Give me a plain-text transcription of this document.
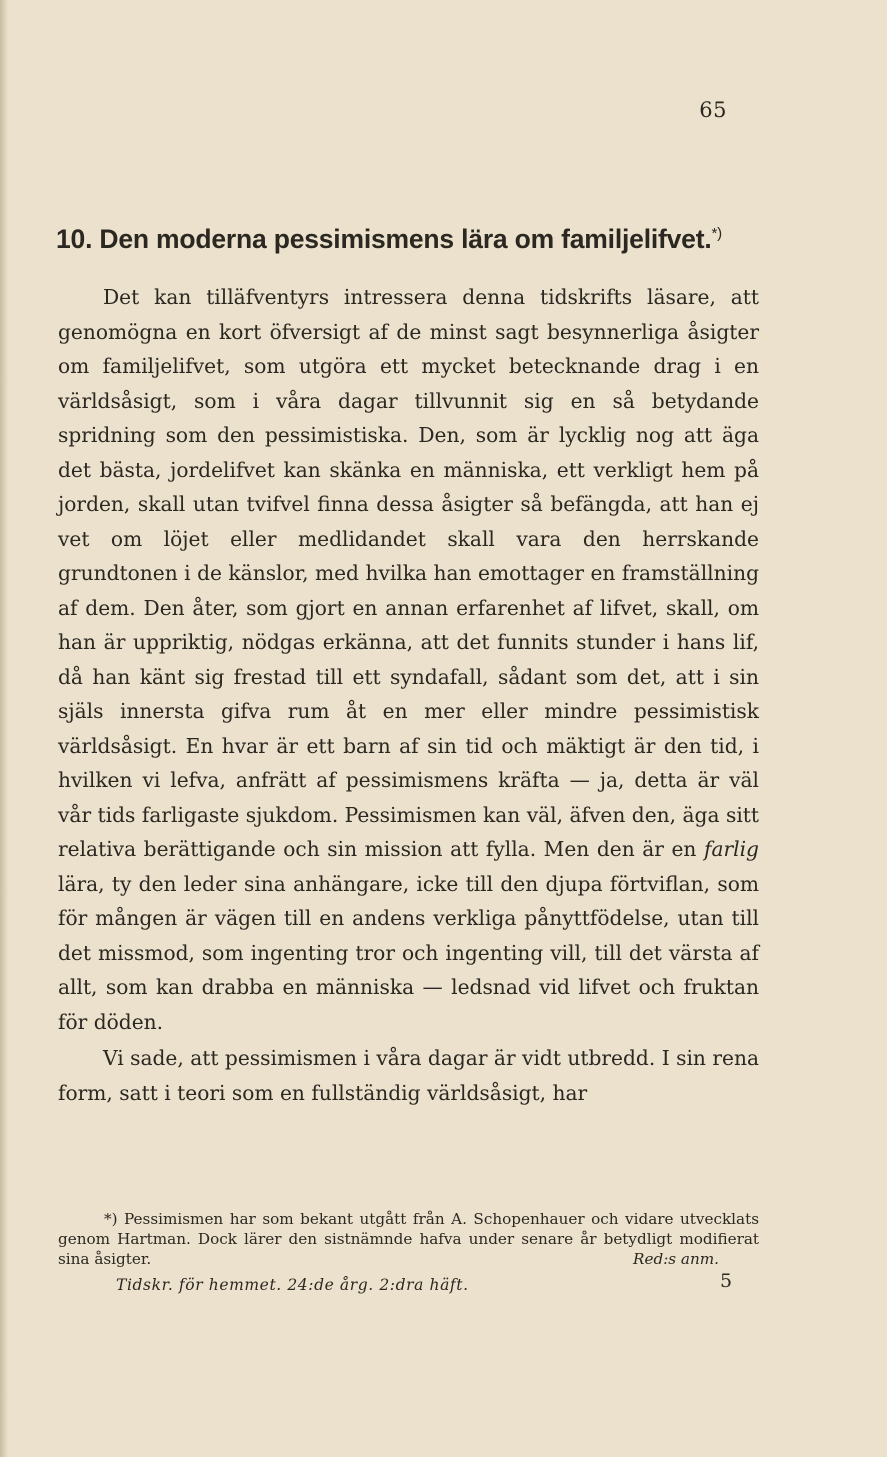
65
10. Den moderna pessimismens lära om familjelifvet.*)

Det kan tilläfventyrs intressera denna tidskrifts läsare, att genomögna en kort öfversigt af de minst sagt besynnerliga åsigter om familjelifvet, som utgöra ett mycket betecknande drag i en världsåsigt, som i våra dagar tillvunnit sig en så betydande spridning som den pessimistiska. Den, som är lycklig nog att äga det bästa, jordelifvet kan skänka en människa, ett verkligt hem på jorden, skall utan tvifvel finna dessa åsigter så befängda, att han ej vet om löjet eller medlidandet skall vara den herrskande grundtonen i de känslor, med hvilka han emottager en framställning af dem. Den åter, som gjort en annan erfarenhet af lifvet, skall, om han är uppriktig, nödgas erkänna, att det funnits stunder i hans lif, då han känt sig frestad till ett syndafall, sådant som det, att i sin själs innersta gifva rum åt en mer eller mindre pessimistisk världsåsigt. En hvar är ett barn af sin tid och mäktigt är den tid, i hvilken vi lefva, anfrätt af pessimismens kräfta — ja, detta är väl vår tids farligaste sjukdom. Pessimismen kan väl, äfven den, äga sitt relativa berättigande och sin mission att fylla. Men den är en farlig lära, ty den leder sina anhängare, icke till den djupa förtviflan, som för mången är vägen till en andens verkliga pånyttfödelse, utan till det missmod, som ingenting tror och ingenting vill, till det värsta af allt, som kan drabba en människa — ledsnad vid lifvet och fruktan för döden.

Vi sade, att pessimismen i våra dagar är vidt utbredd. I sin rena form, satt i teori som en fullständig världsåsigt, har

*) Pessimismen har som bekant utgått från A. Schopenhauer och vidare utvecklats genom Hartman. Dock lärer den sistnämnde hafva under senare år betydligt modifierat sina åsigter.	Red:s anm.
Tidskr. för hemmet. 24:de årg. 2:dra häft.	5
